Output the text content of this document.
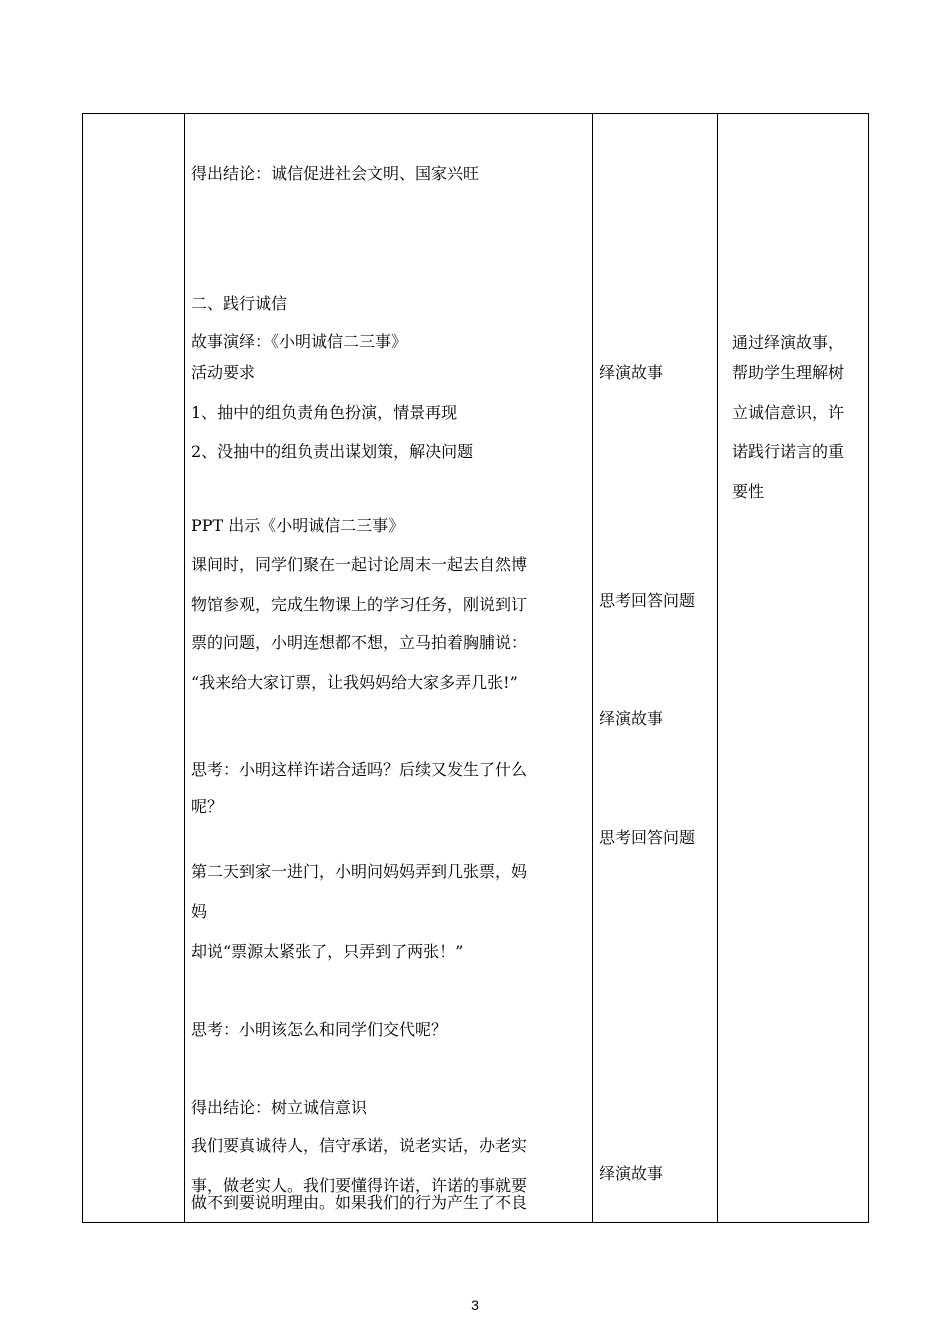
得出结论：诚信促进社会文明、国家兴旺
二、践行诚信
故事演绎：《小明诚信二三事》
活动要求
1、抽中的组负责角色扮演，情景再现
2、没抽中的组负责出谋划策，解决问题
PPT 出示《小明诚信二三事》
课间时，同学们聚在一起讨论周末一起去自然博
物馆参观，完成生物课上的学习任务，刚说到订
票的问题，小明连想都不想，立马拍着胸脯说：
“我来给大家订票，让我妈妈给大家多弄几张!”
思考：小明这样许诺合适吗？后续又发生了什么
呢？
第二天到家一进门，小明问妈妈弄到几张票，妈
妈
却说“票源太紧张了，只弄到了两张！”
思考：小明该怎么和同学们交代呢？
得出结论：树立诚信意识
我们要真诚待人，信守承诺，说老实话，办老实
事，做老实人。我们要懂得许诺，许诺的事就要
做不到要说明理由。如果我们的行为产生了不良
绎演故事
思考回答问题
绎演故事
思考回答问题
绎演故事
通过绎演故事，
帮助学生理解树
立诚信意识，许
诺践行诺言的重
要性
3
